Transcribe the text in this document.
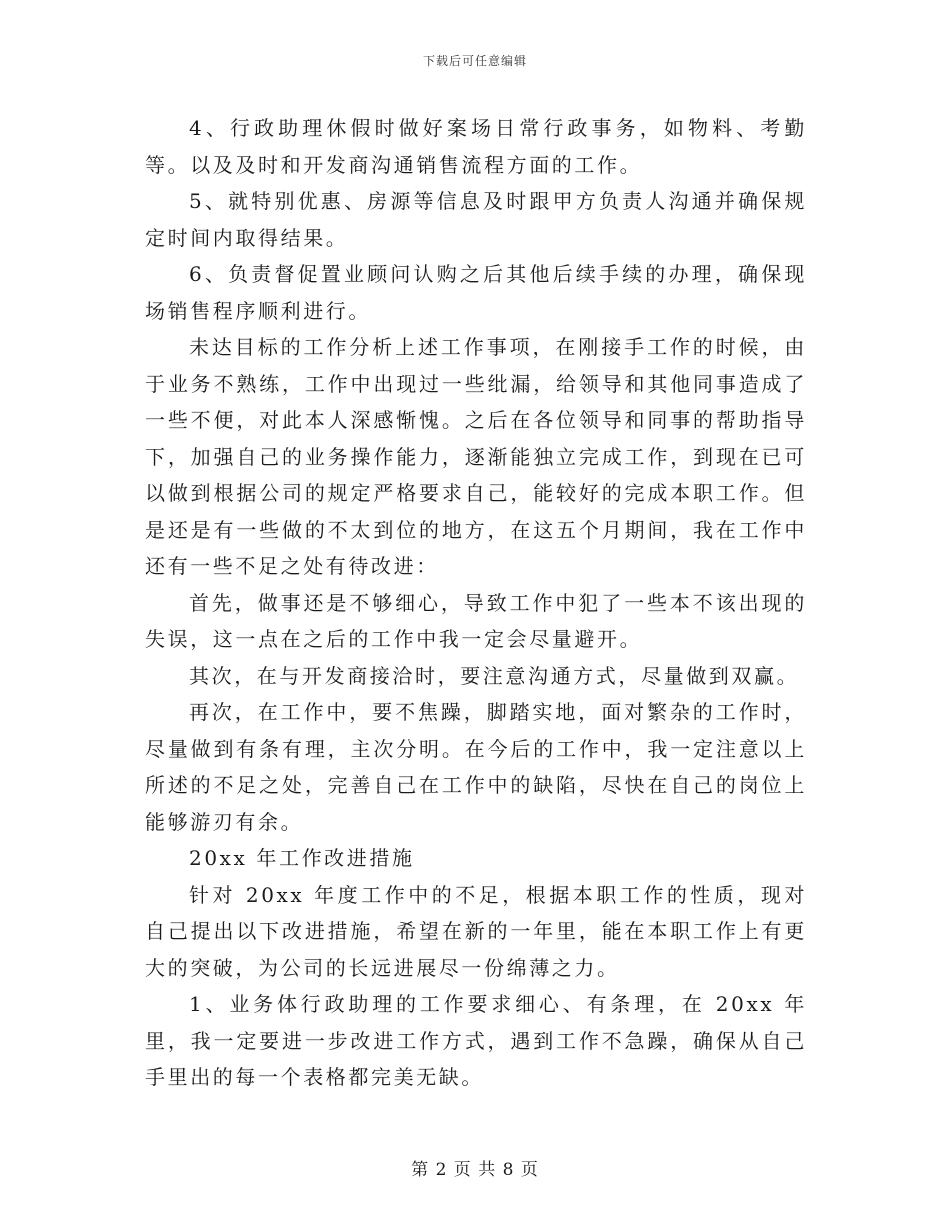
下载后可任意编辑

4、行政助理休假时做好案场日常行政事务，如物料、考勤等。以及及时和开发商沟通销售流程方面的工作。

5、就特别优惠、房源等信息及时跟甲方负责人沟通并确保规定时间内取得结果。

6、负责督促置业顾问认购之后其他后续手续的办理，确保现场销售程序顺利进行。

未达目标的工作分析上述工作事项，在刚接手工作的时候，由于业务不熟练，工作中出现过一些纰漏，给领导和其他同事造成了一些不便，对此本人深感惭愧。之后在各位领导和同事的帮助指导下，加强自己的业务操作能力，逐渐能独立完成工作，到现在已可以做到根据公司的规定严格要求自己，能较好的完成本职工作。但是还是有一些做的不太到位的地方，在这五个月期间，我在工作中还有一些不足之处有待改进：

首先，做事还是不够细心，导致工作中犯了一些本不该出现的失误，这一点在之后的工作中我一定会尽量避开。

其次，在与开发商接洽时，要注意沟通方式，尽量做到双赢。

再次，在工作中，要不焦躁，脚踏实地，面对繁杂的工作时，尽量做到有条有理，主次分明。在今后的工作中，我一定注意以上所述的不足之处，完善自己在工作中的缺陷，尽快在自己的岗位上能够游刃有余。

20xx 年工作改进措施

针对 20xx 年度工作中的不足，根据本职工作的性质，现对自己提出以下改进措施，希望在新的一年里，能在本职工作上有更大的突破，为公司的长远进展尽一份绵薄之力。

1、业务体行政助理的工作要求细心、有条理，在 20xx 年里，我一定要进一步改进工作方式，遇到工作不急躁，确保从自己手里出的每一个表格都完美无缺。

第 2 页 共 8 页
